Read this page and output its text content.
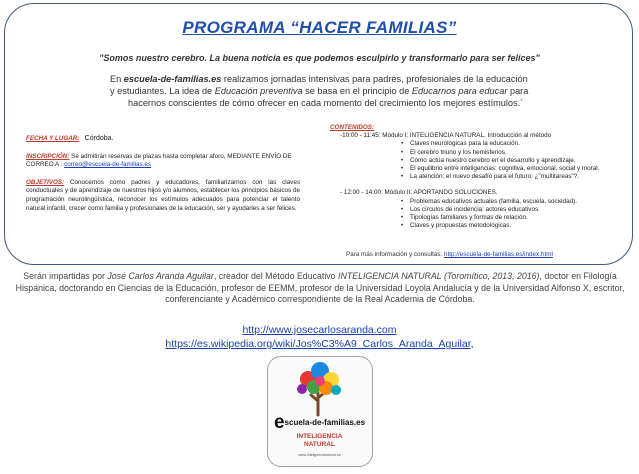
PROGRAMA “HACER FAMILIAS”
"Somos nuestro cerebro. La buena noticia es que podemos esculpirlo y transformarlo para ser felices"

En escuela-de-familias.es realizamos jornadas intensivas para padres, profesionales de la educación y estudiantes. La idea de Educación preventiva se basa en el principio de Educarnos para educar para

hacernos conscientes de cómo ofrecer en cada momento del crecimiento los mejores estímulos.´

FECHA Y LUGAR: Córdoba.
INSCRIPCIÓN: Se admitirán reservas de plazas hasta completar aforo, MEDIANTE ENVÍO DE CORREO A : correo@escuela-de-familias.es
OBJETIVOS: Conocernos como padres y educadores, familiarizarnos con las claves conductuales y de aprendizaje de nuestros hijos y/o alumnos, establecer los principios básicos de programación neurolingüística, reconocer los estímulos adecuados para potenciar el talento natural infantil, crecer como familia y profesionales de la educación, ser y ayudarles a ser felices.
CONTENIDOS:
-10:00 - 11:45: Módulo I: INTELIGENCIA NATURAL, Introducción al método
• Claves neurológicas para la educación.
• El cerebro triuno y los hemisferios.
• Cómo actúa nuestro cerebro en el desarrollo y aprendizaje.
• El equilibrio entre inteligencias: cognitiva, emocional, social y moral.
• La atención: el nuevo desafío para el futuro: ¿"multitareas"?.
- 12:00 - 14:00: Módulo II: APORTANDO SOLUCIONES.
• Problemas educativos actuales (familia, escuela, sociedad).
• Los círculos de incidencia: actores educativos.
• Tipologías familiares y formas de relación.
• Claves y propuestas metodológicas.
Para más información y consultas: http://escuela-de-familias.es/index.html
Serán impartidas por José Carlos Aranda Aguilar, creador del Método Educativo INTELIGENCIA NATURAL (Toromítico, 2013, 2016), doctor en Filología Hispánica, doctorando en Ciencias de la Educación, profesor de EEMM, profesor de la Universidad Loyola Andalucía y de la Universidad Alfonso X, escritor, conferenciante y Académico correspondiente de la Real Academia de Córdoba.
http://www.josecarlosaranda.com
https://es.wikipedia.org/wiki/Jos%C3%A9_Carlos_Aranda_Aguilar,
escuela-de-familias.es
INTELIGENCIA
NATURAL
www.inteligencianatural.es
